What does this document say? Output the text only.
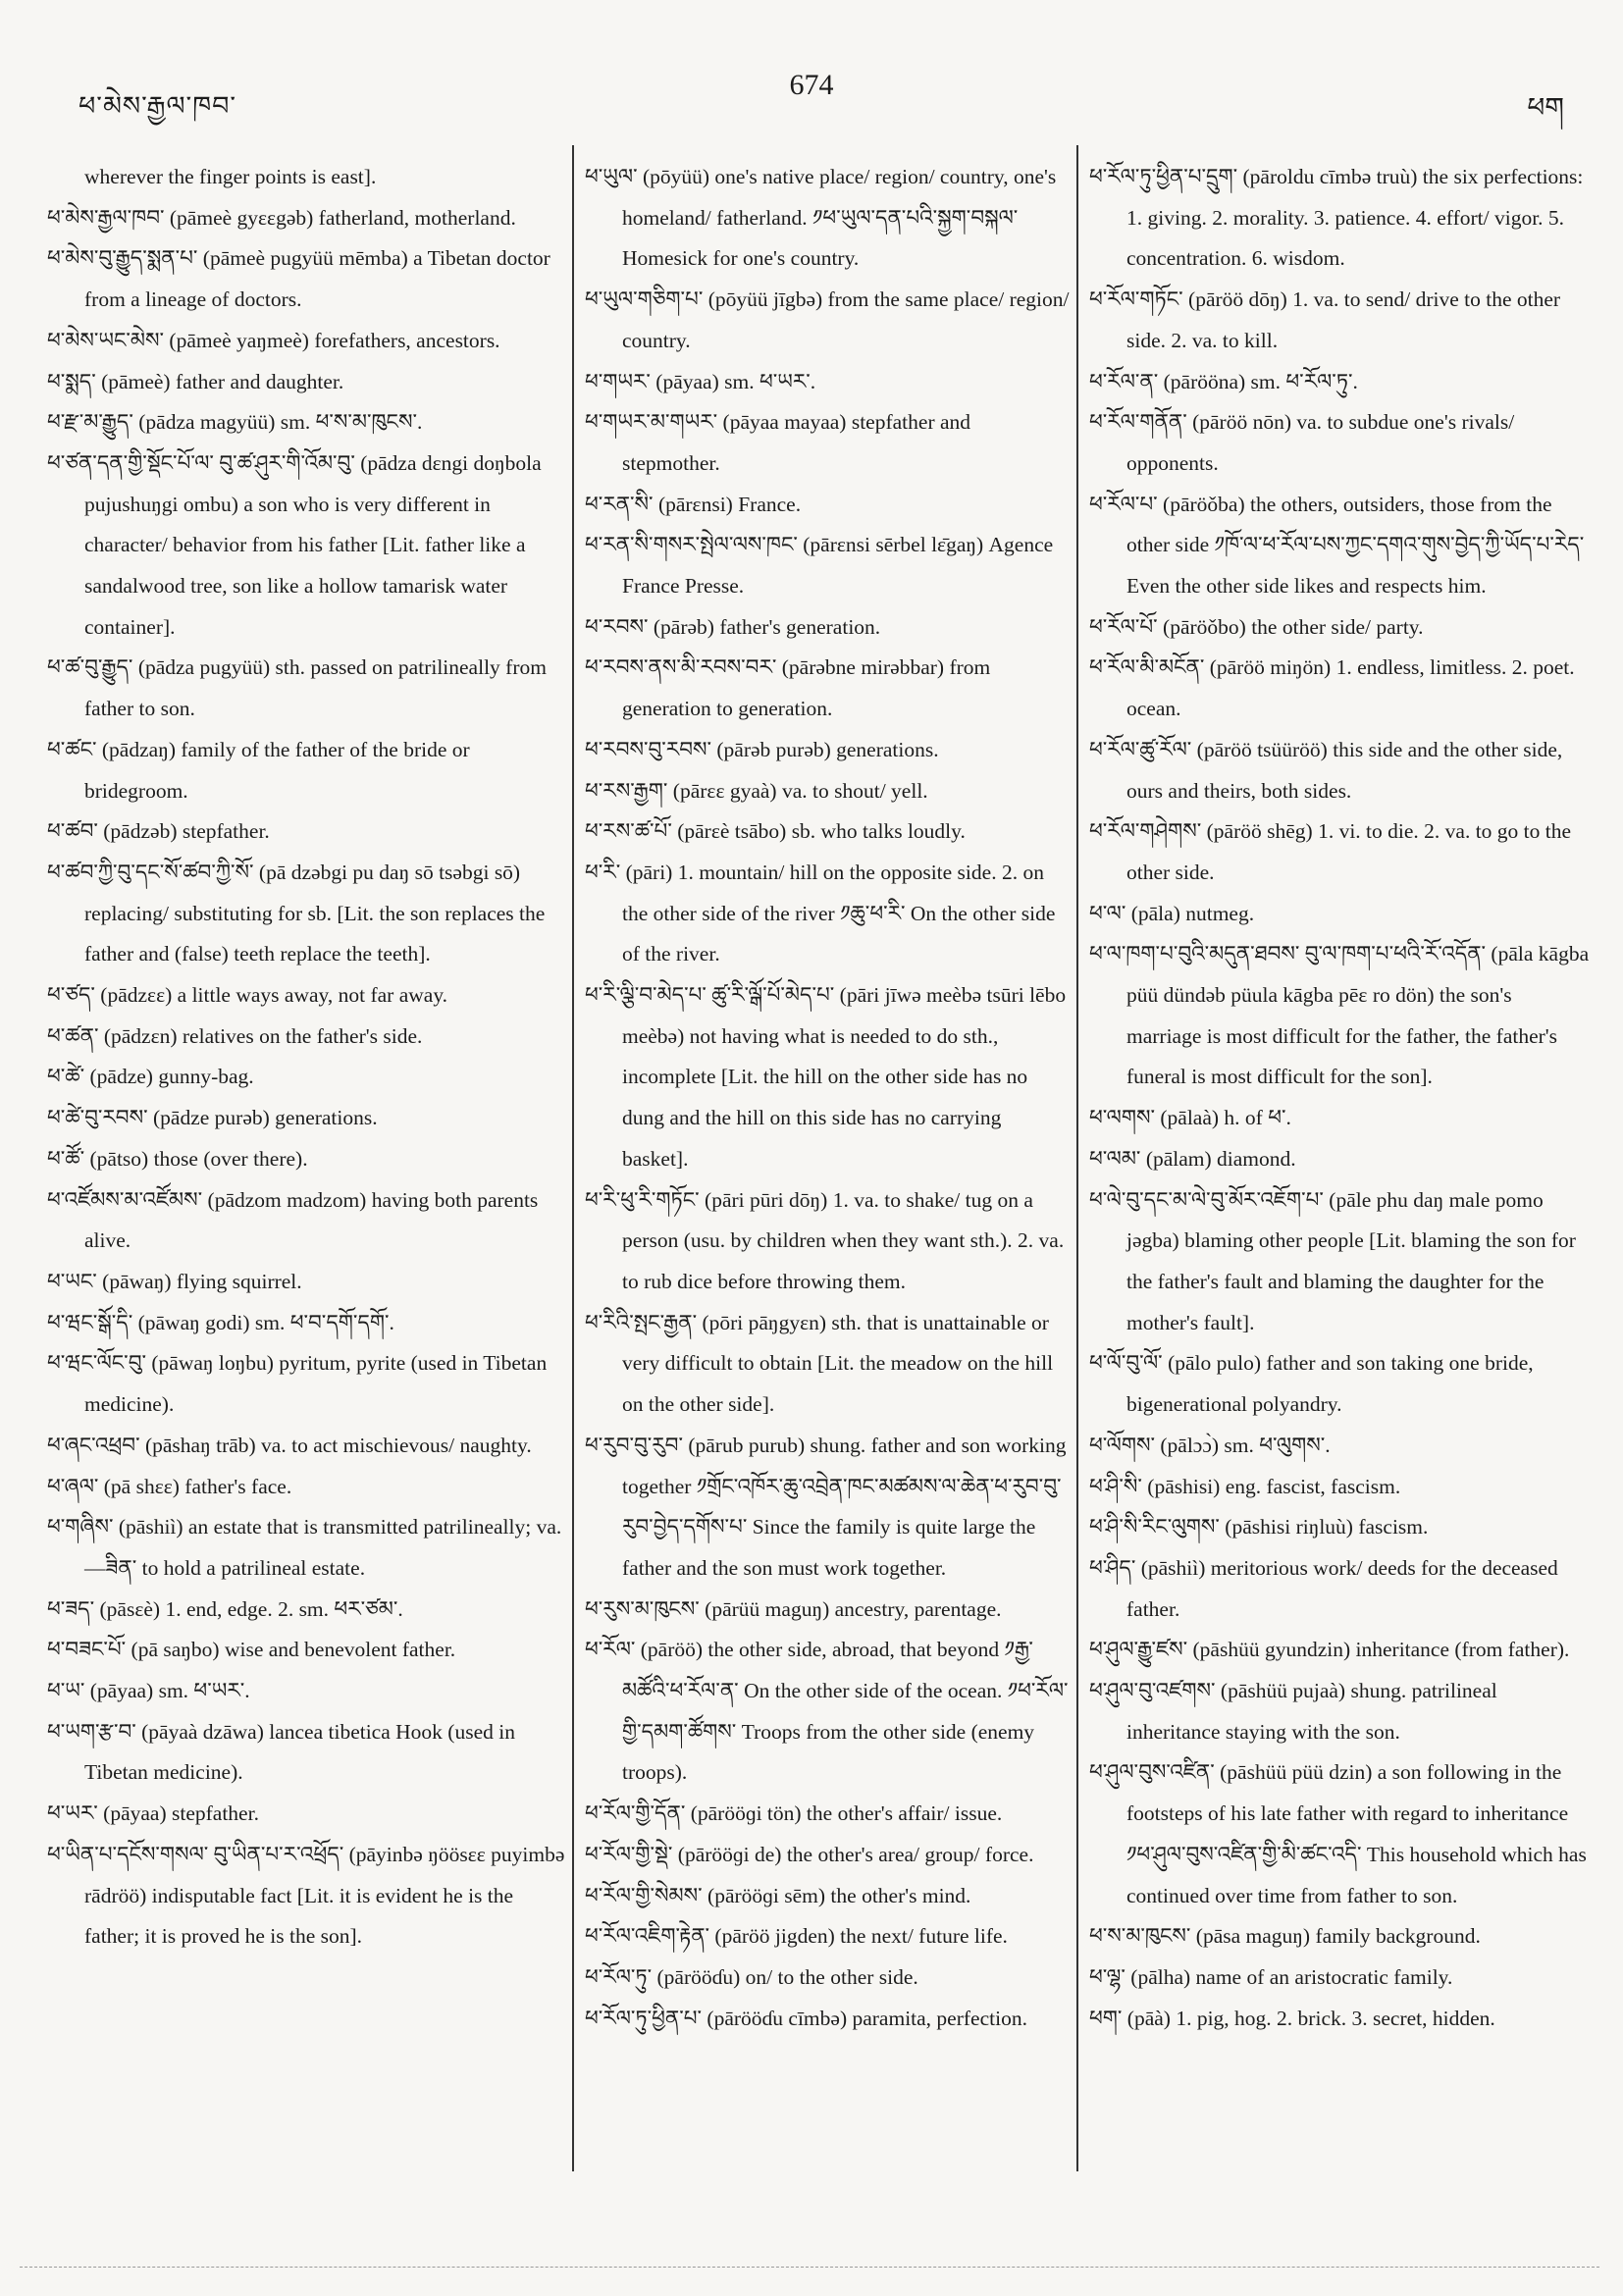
ཕ་མེས་རྒྱལ་ཁབ་
674
ཕག

wherever the finger points is east].

ཕ་མེས་རྒྱལ་ཁབ་ (pāmeè gyɛɛgəb) fatherland, motherland.

ཕ་མེས་བུ་རྒྱུད་སྨན་པ་ (pāmeè pugyüü mēmba) a Tibetan doctor from a lineage of doctors.

ཕ་མེས་ཡང་མེས་ (pāmeè yaŋmeè) forefathers, ancestors.

ཕ་སྨད་ (pāmeè) father and daughter.

ཕ་རྫ་མ་རྒྱུད་ (pādza magyüü) sm. ཕ་ས་མ་ཁུངས་.

ཕ་ཙན་དན་གྱི་སྡོང་པོ་ལ་ བུ་ཚ་ཤུར་གི་འོམ་བུ་ (pādza dɛngi doŋbola pujushuŋgi ombu) a son who is very different in character/ behavior from his father [Lit. father like a sandalwood tree, son like a hollow tamarisk water container].

ཕ་ཚ་བུ་རྒྱུད་ (pādza pugyüü) sth. passed on patrilineally from father to son.

ཕ་ཚང་ (pādzaŋ) family of the father of the bride or bridegroom.

ཕ་ཚབ་ (pādzəb) stepfather.

ཕ་ཚབ་ཀྱི་བུ་དང་སོ་ཚབ་ཀྱི་སོ་ (pā dzəbgi pu daŋ sō tsəbgi sō) replacing/ substituting for sb. [Lit. the son replaces the father and (false) teeth replace the teeth].

ཕ་ཙད་ (pādzɛɛ) a little ways away, not far away.

ཕ་ཚན་ (pādzɛn) relatives on the father's side.

ཕ་ཚེ་ (pādze) gunny-bag.

ཕ་ཚེ་བུ་རབས་ (pādze purəb) generations.

ཕ་ཚོ་ (pātso) those (over there).

ཕ་འཛོམས་མ་འཛོམས་ (pādzom madzom) having both parents alive.

ཕ་ཡང་ (pāwaŋ) flying squirrel.

ཕ་ཝང་སྒོ་དི་ (pāwaŋ godi) sm. ཕ་བ་དགོ་དགོ་.

ཕ་ཝང་ལོང་བུ་ (pāwaŋ loŋbu) pyritum, pyrite (used in Tibetan medicine).

ཕ་ཞང་འཕྲབ་ (pāshaŋ trāb) va. to act mischievous/ naughty.

ཕ་ཞལ་ (pā shɛɛ) father's face.

ཕ་གཞིས་ (pāshiì) an estate that is transmitted patrilineally; va.—ཟིན་ to hold a patrilineal estate.

ཕ་ཟད་ (pāsɛè) 1. end, edge. 2. sm. ཕར་ཙམ་.

ཕ་བཟང་པོ་ (pā saŋbo) wise and benevolent father.

ཕ་ཡ་ (pāyaa) sm. ཕ་ཡར་.

ཕ་ཡག་རྩ་བ་ (pāyaà dzāwa) lancea tibetica Hook (used in Tibetan medicine).

ཕ་ཡར་ (pāyaa) stepfather.

ཕ་ཡིན་པ་དངོས་གསལ་ བུ་ཡིན་པ་ར་འཕྲོད་ (pāyinbə ŋöösɛɛ puyimbə rādröö) indisputable fact [Lit. it is evident he is the father; it is proved he is the son].

ཕ་ཡུལ་ (pōyüü) one's native place/ region/ country, one's homeland/ fatherland. ༡ཕ་ཡུལ་དན་པའི་སྐྱག་བསྐལ་ Homesick for one's country.

ཕ་ཡུལ་གཅིག་པ་ (pōyüü jīgbə) from the same place/ region/ country.

ཕ་གཡར་ (pāyaa) sm. ཕ་ཡར་.

ཕ་གཡར་མ་གཡར་ (pāyaa mayaa) stepfather and stepmother.

ཕ་རན་སི་ (pārɛnsi) France.

ཕ་རན་སི་གསར་སྤེལ་ལས་ཁང་ (pārɛnsi sērbel lɛ̄gaŋ) Agence France Presse.

ཕ་རབས་ (pārəb) father's generation.

ཕ་རབས་ནས་མི་རབས་བར་ (pārəbne mirəbbar) from generation to generation.

ཕ་རབས་བུ་རབས་ (pārəb purəb) generations.

ཕ་རས་རྒྱག་ (pārɛɛ gyaà) va. to shout/ yell.

ཕ་རས་ཚ་པོ་ (pārɛè tsābo) sb. who talks loudly.

ཕ་རི་ (pāri) 1. mountain/ hill on the opposite side. 2. on the other side of the river ༡ཆུ་ཕ་རི་ On the other side of the river.

ཕ་རི་ལྕི་བ་མེད་པ་ ཚུ་རི་ལྒོ་པོ་མེད་པ་ (pāri jīwə meèbə tsūri lēbo meèbə) not having what is needed to do sth., incomplete [Lit. the hill on the other side has no dung and the hill on this side has no carrying basket].

ཕ་རི་ཕུ་རི་གཏོང་ (pāri pūri dōŋ) 1. va. to shake/ tug on a person (usu. by children when they want sth.). 2. va. to rub dice before throwing them.

ཕ་རིའི་སྤང་རྒྱན་ (pōri pāŋgyɛn) sth. that is unattainable or very difficult to obtain [Lit. the meadow on the hill on the other side].

ཕ་རུབ་བུ་རུབ་ (pārub purub) shung. father and son working together ༡གྲོང་འཁོར་ཆུ་འབྲེན་ཁང་མཚམས་ལ་ཆེན་ཕ་རུབ་བུ་རུབ་བྱེད་དགོས་པ་ Since the family is quite large the father and the son must work together.

ཕ་རུས་མ་ཁུངས་ (pārüü maguŋ) ancestry, parentage.

ཕ་རོལ་ (pāröö) the other side, abroad, that beyond ༡རྒྱ་མཚོའི་ཕ་རོལ་ན་ On the other side of the ocean. ༡ཕ་རོལ་གྱི་དམག་ཚོགས་ Troops from the other side (enemy troops).

ཕ་རོལ་གྱི་དོན་ (pārööɡi tön) the other's affair/ issue.

ཕ་རོལ་གྱི་སྡེ་ (pārööɡi de) the other's area/ group/ force.

ཕ་རོལ་གྱི་སེམས་ (pārööɡi sēm) the other's mind.

ཕ་རོལ་འཇིག་རྟེན་ (pāröö jigden) the next/ future life.

ཕ་རོལ་ཏུ་ (pārööɗu) on/ to the other side.

ཕ་རོལ་ཏུ་ཕྱིན་པ་ (pārööɗu cīmbə) paramita, perfection.

ཕ་རོལ་ཏུ་ཕྱིན་པ་དྲུག་ (pāroldu cīmbə truù) the six perfections: 1. giving. 2. morality. 3. patience. 4. effort/ vigor. 5. concentration. 6. wisdom.

ཕ་རོལ་གཏོང་ (pāröö dōŋ) 1. va. to send/ drive to the other side. 2. va. to kill.

ཕ་རོལ་ན་ (pārööna) sm. ཕ་རོལ་ཏུ་.

ཕ་རོལ་གནོན་ (pāröö nōn) va. to subdue one's rivals/ opponents.

ཕ་རོལ་པ་ (pāröǒba) the others, outsiders, those from the other side ༡ཁོ་ལ་ཕ་རོལ་པས་ཀྱང་དགའ་གུས་བྱེད་ཀྱི་ཡོད་པ་རེད་ Even the other side likes and respects him.

ཕ་རོལ་པོ་ (pāröǒbo) the other side/ party.

ཕ་རོལ་མི་མངོན་ (pāröö miŋön) 1. endless, limitless. 2. poet. ocean.

ཕ་རོལ་ཚུ་རོལ་ (pāröö tsüüröö) this side and the other side, ours and theirs, both sides.

ཕ་རོལ་གཤེགས་ (pāröö shēg) 1. vi. to die. 2. va. to go to the other side.

ཕ་ལ་ (pāla) nutmeg.

ཕ་ལ་ཁག་པ་བུའི་མདུན་ཐབས་ བུ་ལ་ཁག་པ་ཕའི་རོ་འདོན་ (pāla kāgba püü dündəb püula kāgba pēɛ ro dön) the son's marriage is most difficult for the father, the father's funeral is most difficult for the son].

ཕ་ལགས་ (pālaà) h. of ཕ་.

ཕ་ལམ་ (pālam) diamond.

ཕ་ལེ་བུ་དང་མ་ལེ་བུ་མོར་འཇོག་པ་ (pāle phu daŋ male pomo jəgba) blaming other people [Lit. blaming the son for the father's fault and blaming the daughter for the mother's fault].

ཕ་ལོ་བུ་ལོ་ (pālo pulo) father and son taking one bride, bigenerational polyandry.

ཕ་ལོགས་ (pālɔɔ̀) sm. ཕ་ལུགས་.

ཕ་ཤི་སི་ (pāshisi) eng. fascist, fascism.

ཕ་ཤི་སི་རིང་ལུགས་ (pāshisi riŋluù) fascism.

ཕ་ཤིད་ (pāshiì) meritorious work/ deeds for the deceased father.

ཕ་ཤུལ་རྒྱུ་ཛས་ (pāshüü gyundzin) inheritance (from father).

ཕ་ཤུལ་བུ་འཛགས་ (pāshüü pujaà) shung. patrilineal inheritance staying with the son.

ཕ་ཤུལ་བུས་འཛིན་ (pāshüü püü dzin) a son following in the footsteps of his late father with regard to inheritance ༡ཕ་ཤུལ་བུས་འཛིན་གྱི་མི་ཚང་འདི་ This household which has continued over time from father to son.

ཕ་ས་མ་ཁུངས་ (pāsa maguŋ) family background.

ཕ་ལྷ་ (pālha) name of an aristocratic family.

ཕག་ (pāà) 1. pig, hog. 2. brick. 3. secret, hidden.
